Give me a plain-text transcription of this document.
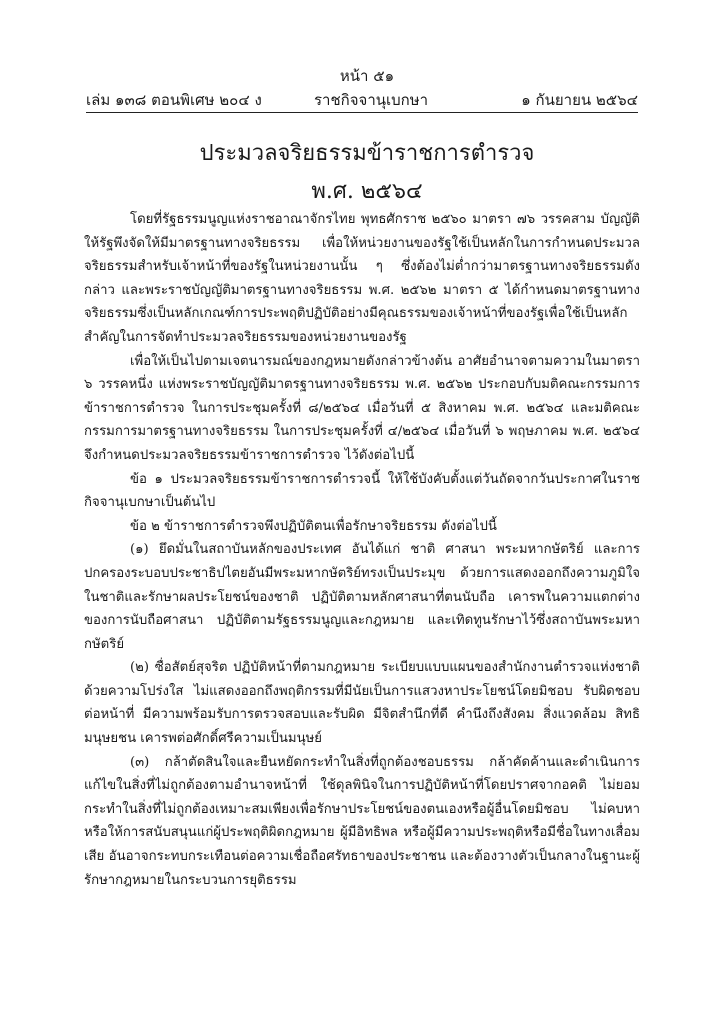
หน้า ๕๑
เล่ม ๑๓๘ ตอนพิเศษ ๒๐๔ ง	ราชกิจจานุเบกษา	๑ กันยายน ๒๕๖๔
ประมวลจริยธรรมข้าราชการตำรวจ
พ.ศ. ๒๕๖๔

โดยที่รัฐธรรมนูญแห่งราชอาณาจักรไทย พุทธศักราช ๒๕๖๐ มาตรา ๗๖ วรรคสาม บัญญัติให้รัฐพึงจัดให้มีมาตรฐานทางจริยธรรม เพื่อให้หน่วยงานของรัฐใช้เป็นหลักในการกำหนดประมวลจริยธรรมสำหรับเจ้าหน้าที่ของรัฐในหน่วยงานนั้น ๆ ซึ่งต้องไม่ต่ำกว่ามาตรฐานทางจริยธรรมดังกล่าว และพระราชบัญญัติมาตรฐานทางจริยธรรม พ.ศ. ๒๕๖๒ มาตรา ๕ ได้กำหนดมาตรฐานทางจริยธรรมซึ่งเป็นหลักเกณฑ์การประพฤติปฏิบัติอย่างมีคุณธรรมของเจ้าหน้าที่ของรัฐเพื่อใช้เป็นหลักสำคัญในการจัดทำประมวลจริยธรรมของหน่วยงานของรัฐ

เพื่อให้เป็นไปตามเจตนารมณ์ของกฎหมายดังกล่าวข้างต้น อาศัยอำนาจตามความในมาตรา ๖ วรรคหนึ่ง แห่งพระราชบัญญัติมาตรฐานทางจริยธรรม พ.ศ. ๒๕๖๒ ประกอบกับมติคณะกรรมการข้าราชการตำรวจ ในการประชุมครั้งที่ ๘/๒๕๖๔ เมื่อวันที่ ๕ สิงหาคม พ.ศ. ๒๕๖๔ และมติคณะกรรมการมาตรฐานทางจริยธรรม ในการประชุมครั้งที่ ๔/๒๕๖๔ เมื่อวันที่ ๖ พฤษภาคม พ.ศ. ๒๕๖๔ จึงกำหนดประมวลจริยธรรมข้าราชการตำรวจ ไว้ดังต่อไปนี้

ข้อ ๑ ประมวลจริยธรรมข้าราชการตำรวจนี้ ให้ใช้บังคับตั้งแต่วันถัดจากวันประกาศในราชกิจจานุเบกษาเป็นต้นไป

ข้อ ๒ ข้าราชการตำรวจพึงปฏิบัติตนเพื่อรักษาจริยธรรม ดังต่อไปนี้

(๑) ยึดมั่นในสถาบันหลักของประเทศ อันได้แก่ ชาติ ศาสนา พระมหากษัตริย์ และการปกครองระบอบประชาธิปไตยอันมีพระมหากษัตริย์ทรงเป็นประมุข ด้วยการแสดงออกถึงความภูมิใจในชาติและรักษาผลประโยชน์ของชาติ ปฏิบัติตามหลักศาสนาที่ตนนับถือ เคารพในความแตกต่างของการนับถือศาสนา ปฏิบัติตามรัฐธรรมนูญและกฎหมาย และเทิดทูนรักษาไว้ซึ่งสถาบันพระมหากษัตริย์

(๒) ซื่อสัตย์สุจริต ปฏิบัติหน้าที่ตามกฎหมาย ระเบียบแบบแผนของสำนักงานตำรวจแห่งชาติด้วยความโปร่งใส ไม่แสดงออกถึงพฤติกรรมที่มีนัยเป็นการแสวงหาประโยชน์โดยมิชอบ รับผิดชอบต่อหน้าที่ มีความพร้อมรับการตรวจสอบและรับผิด มีจิตสำนึกที่ดี คำนึงถึงสังคม สิ่งแวดล้อม สิทธิมนุษยชน เคารพต่อศักดิ์ศรีความเป็นมนุษย์

(๓) กล้าตัดสินใจและยืนหยัดกระทำในสิ่งที่ถูกต้องชอบธรรม กล้าคัดค้านและดำเนินการแก้ไขในสิ่งที่ไม่ถูกต้องตามอำนาจหน้าที่ ใช้ดุลพินิจในการปฏิบัติหน้าที่โดยปราศจากอคติ ไม่ยอมกระทำในสิ่งที่ไม่ถูกต้องเหมาะสมเพียงเพื่อรักษาประโยชน์ของตนเองหรือผู้อื่นโดยมิชอบ ไม่คบหาหรือให้การสนับสนุนแก่ผู้ประพฤติผิดกฎหมาย ผู้มีอิทธิพล หรือผู้มีความประพฤติหรือมีชื่อในทางเสื่อมเสีย อันอาจกระทบกระเทือนต่อความเชื่อถือศรัทธาของประชาชน และต้องวางตัวเป็นกลางในฐานะผู้รักษากฎหมายในกระบวนการยุติธรรม
